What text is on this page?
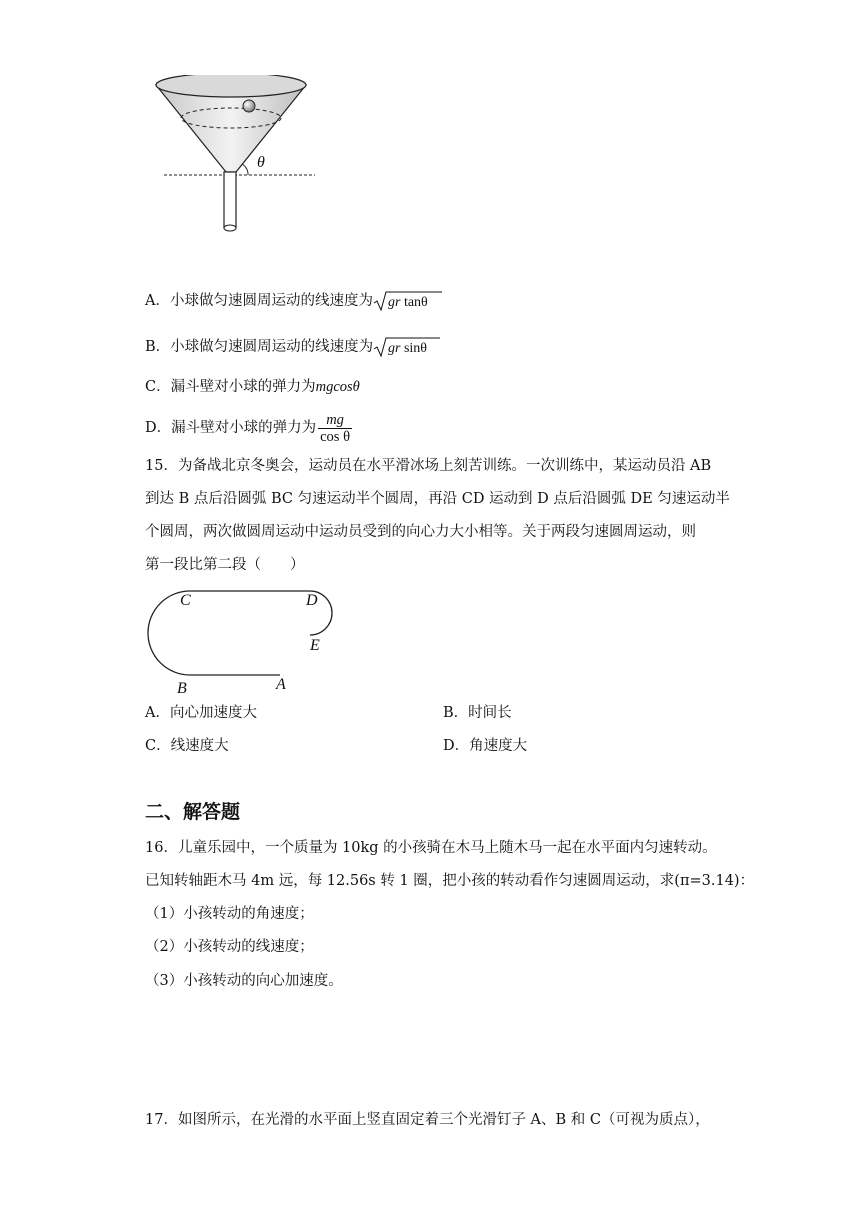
θ
A．小球做匀速圆周运动的线速度为 gr tanθ
B．小球做匀速圆周运动的线速度为 gr sinθ
C．漏斗壁对小球的弹力为mgcosθ
D．漏斗壁对小球的弹力为 $\frac{mg}{\text{cos θ}}$
15．为备战北京冬奥会，运动员在水平滑冰场上刻苦训练。一次训练中，某运动员沿 AB
到达 B 点后沿圆弧 BC 匀速运动半个圆周，再沿 CD 运动到 D 点后沿圆弧 DE 匀速运动半
个圆周，两次做圆周运动中运动员受到的向心力大小相等。关于两段匀速圆周运动，则
第一段比第二段（　　）
C	D
E
B	A
A．向心加速度大	B．时间长
C．线速度大	D．角速度大
二、解答题
16．儿童乐园中，一个质量为 10kg 的小孩骑在木马上随木马一起在水平面内匀速转动。
已知转轴距木马 4m 远，每 12.56s 转 1 圈，把小孩的转动看作匀速圆周运动，求(π=3.14)：
（1）小孩转动的角速度；
（2）小孩转动的线速度；
（3）小孩转动的向心加速度。
17．如图所示，在光滑的水平面上竖直固定着三个光滑钉子 A、B 和 C（可视为质点），
